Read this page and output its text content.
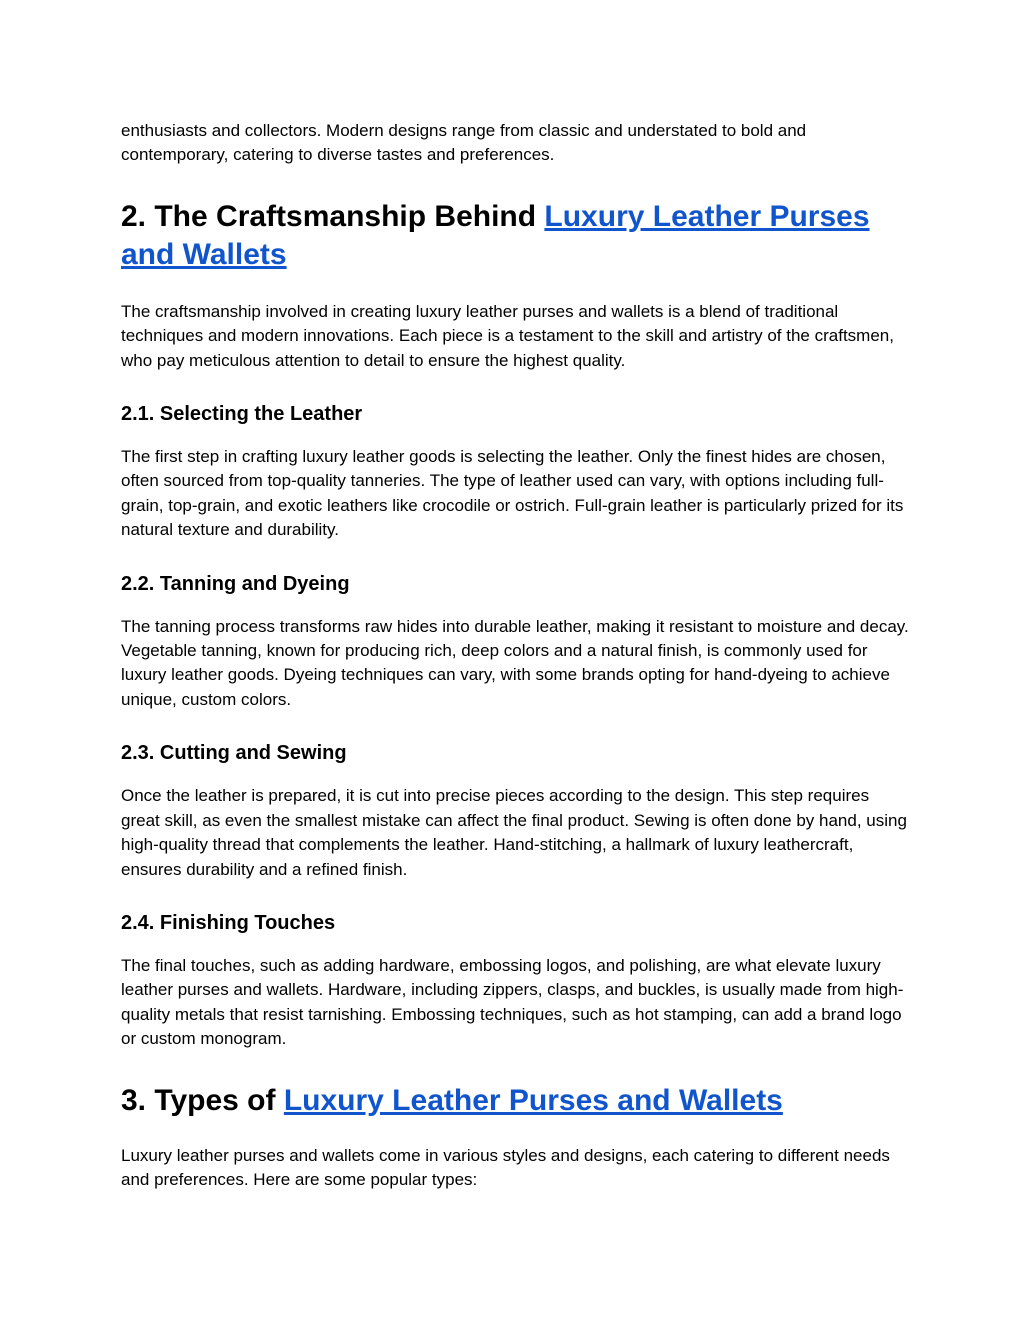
enthusiasts and collectors. Modern designs range from classic and understated to bold and contemporary, catering to diverse tastes and preferences.

2. The Craftsmanship Behind Luxury Leather Purses and Wallets

The craftsmanship involved in creating luxury leather purses and wallets is a blend of traditional techniques and modern innovations. Each piece is a testament to the skill and artistry of the craftsmen, who pay meticulous attention to detail to ensure the highest quality.

2.1. Selecting the Leather

The first step in crafting luxury leather goods is selecting the leather. Only the finest hides are chosen, often sourced from top-quality tanneries. The type of leather used can vary, with options including full-grain, top-grain, and exotic leathers like crocodile or ostrich. Full-grain leather is particularly prized for its natural texture and durability.

2.2. Tanning and Dyeing

The tanning process transforms raw hides into durable leather, making it resistant to moisture and decay. Vegetable tanning, known for producing rich, deep colors and a natural finish, is commonly used for luxury leather goods. Dyeing techniques can vary, with some brands opting for hand-dyeing to achieve unique, custom colors.

2.3. Cutting and Sewing

Once the leather is prepared, it is cut into precise pieces according to the design. This step requires great skill, as even the smallest mistake can affect the final product. Sewing is often done by hand, using high-quality thread that complements the leather. Hand-stitching, a hallmark of luxury leathercraft, ensures durability and a refined finish.

2.4. Finishing Touches

The final touches, such as adding hardware, embossing logos, and polishing, are what elevate luxury leather purses and wallets. Hardware, including zippers, clasps, and buckles, is usually made from high-quality metals that resist tarnishing. Embossing techniques, such as hot stamping, can add a brand logo or custom monogram.

3. Types of Luxury Leather Purses and Wallets

Luxury leather purses and wallets come in various styles and designs, each catering to different needs and preferences. Here are some popular types:
